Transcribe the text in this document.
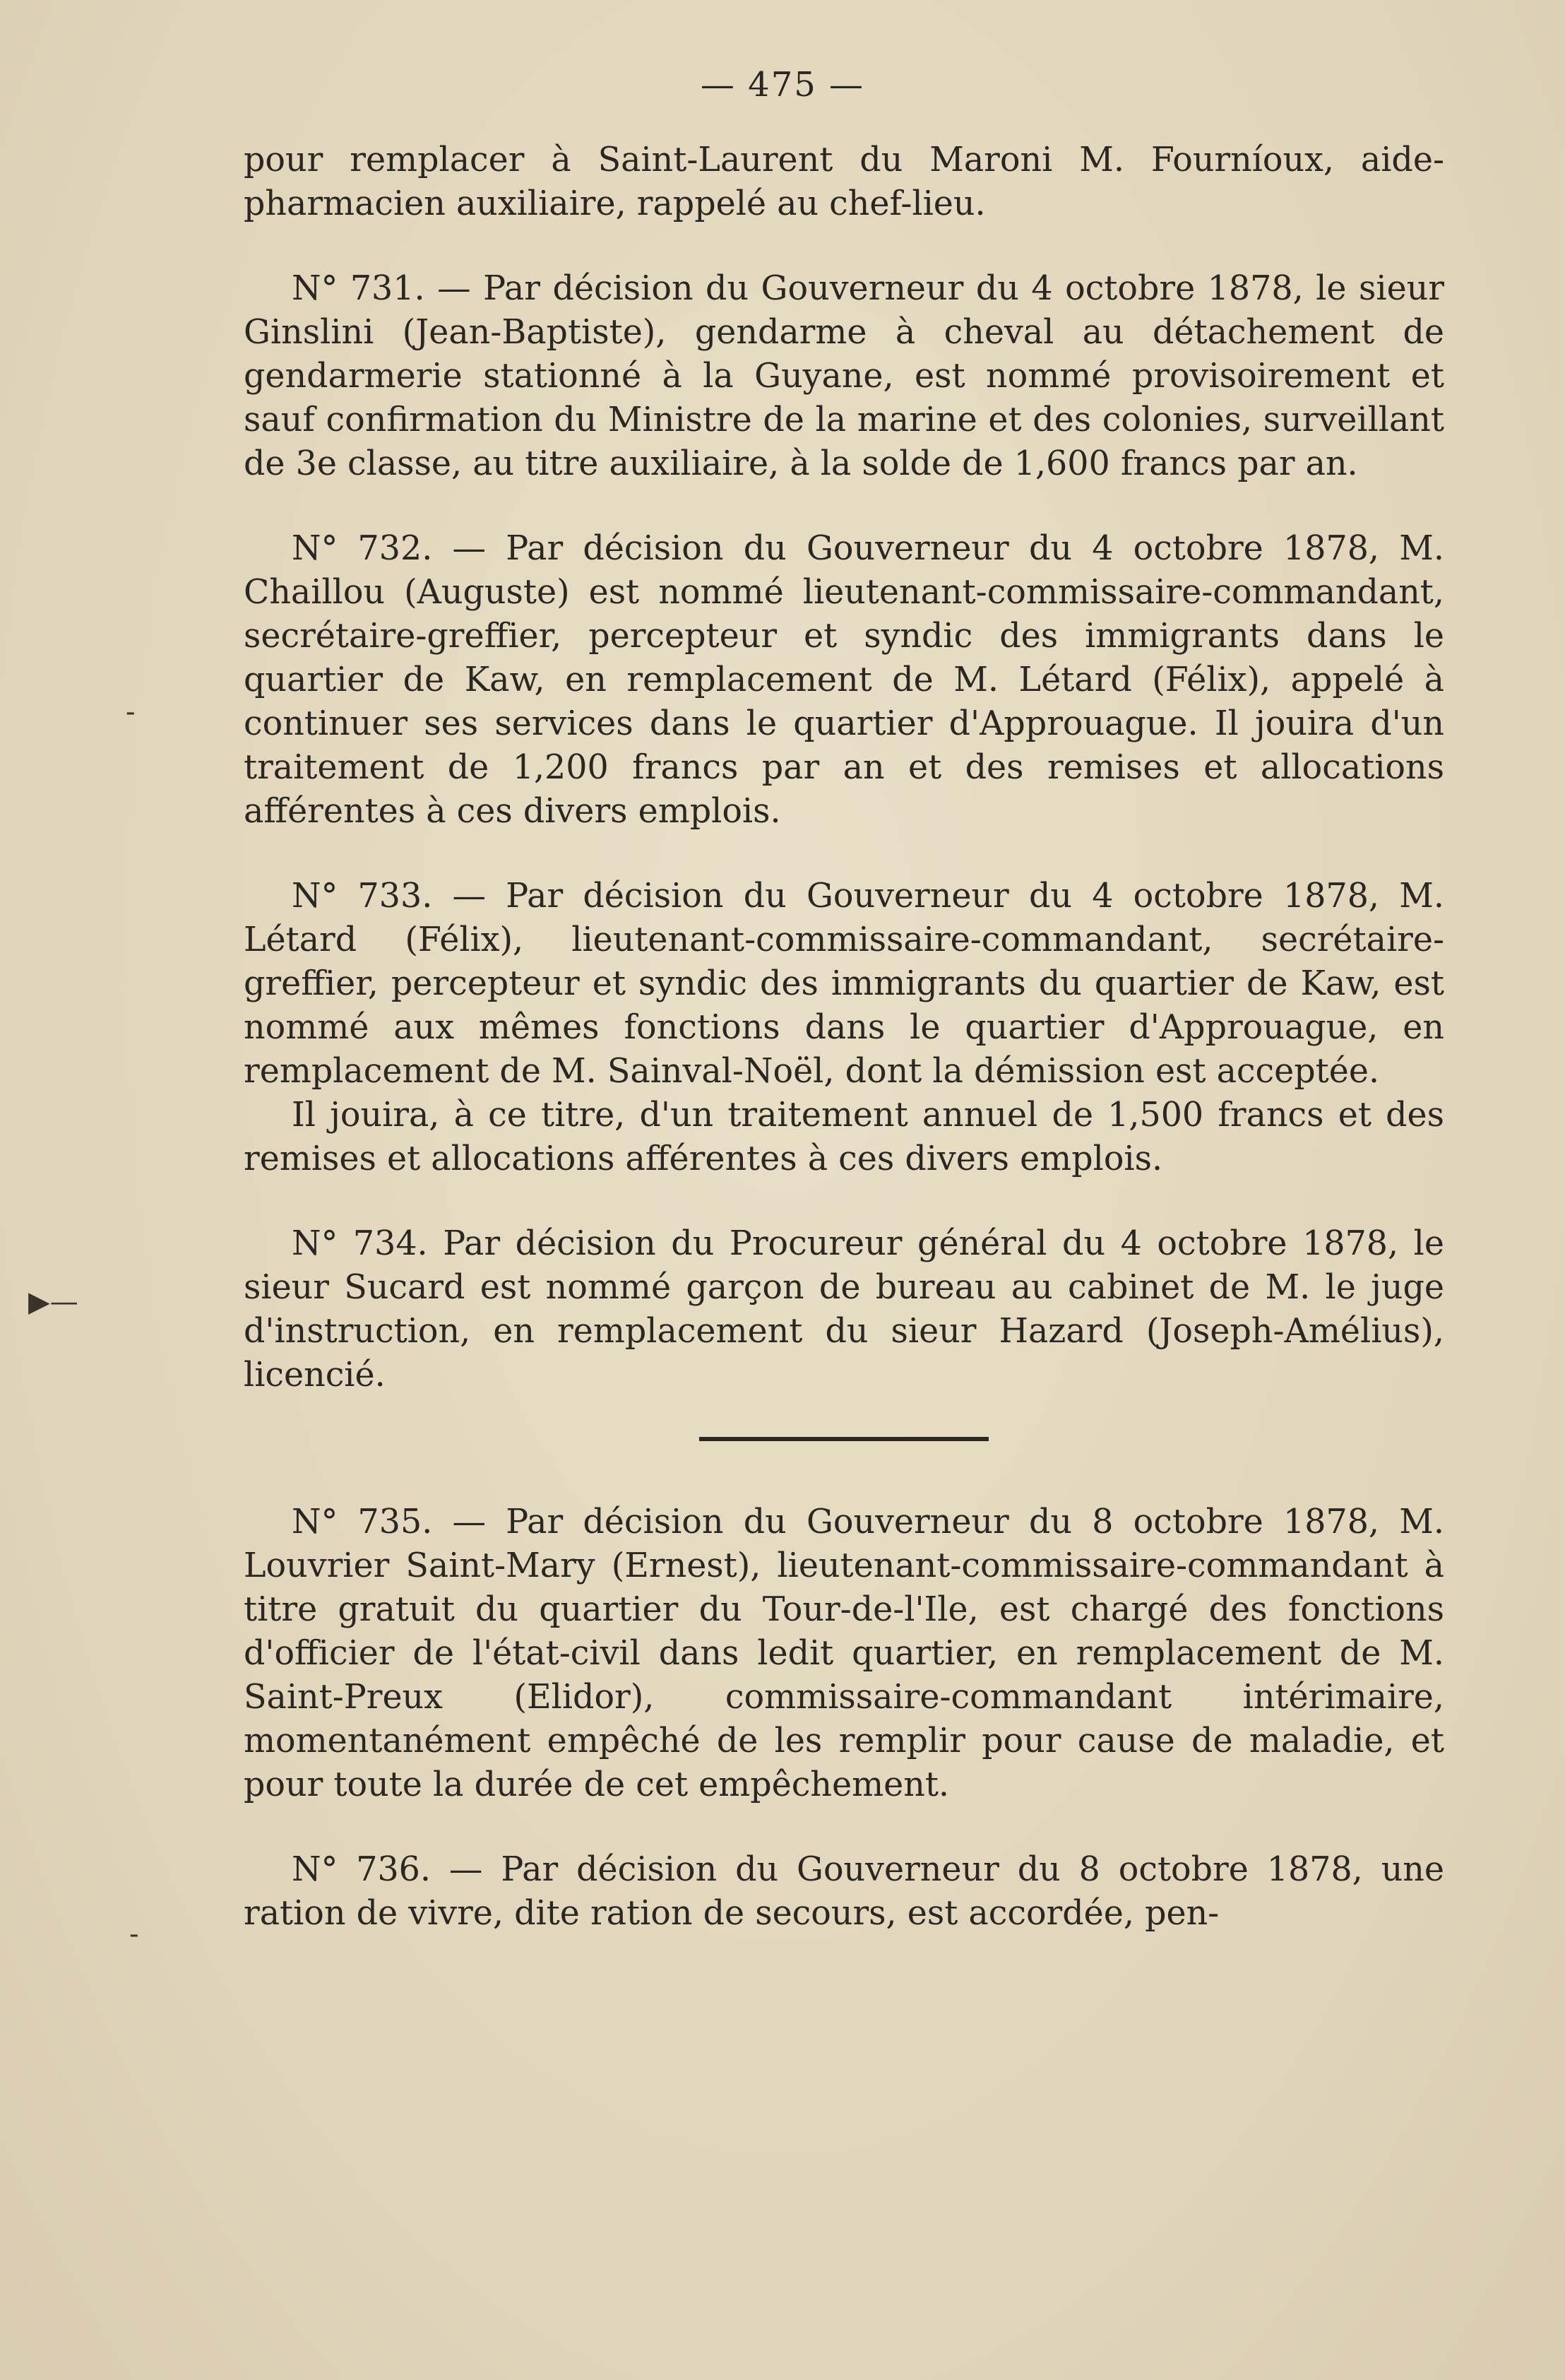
— 475 —
-
▶—
-

pour remplacer à Saint-Laurent du Maroni M. Fourníoux, aide-pharmacien auxiliaire, rappelé au chef-lieu.

N° 731. — Par décision du Gouverneur du 4 octobre 1878, le sieur Ginslini (Jean-Baptiste), gendarme à cheval au détachement de gendarmerie stationné à la Guyane, est nommé provisoirement et sauf confirmation du Ministre de la marine et des colonies, surveillant de 3e classe, au titre auxiliaire, à la solde de 1,600 francs par an.

N° 732. — Par décision du Gouverneur du 4 octobre 1878, M. Chaillou (Auguste) est nommé lieutenant-commissaire-commandant, secrétaire-greffier, percepteur et syndic des immigrants dans le quartier de Kaw, en remplacement de M. Létard (Félix), appelé à continuer ses services dans le quartier d'Approuague. Il jouira d'un traitement de 1,200 francs par an et des remises et allocations afférentes à ces divers emplois.

N° 733. — Par décision du Gouverneur du 4 octobre 1878, M. Létard (Félix), lieutenant-commissaire-commandant, secrétaire-greffier, percepteur et syndic des immigrants du quartier de Kaw, est nommé aux mêmes fonctions dans le quartier d'Approuague, en remplacement de M. Sainval-Noël, dont la démission est acceptée.

Il jouira, à ce titre, d'un traitement annuel de 1,500 francs et des remises et allocations afférentes à ces divers emplois.

N° 734. Par décision du Procureur général du 4 octobre 1878, le sieur Sucard est nommé garçon de bureau au cabinet de M. le juge d'instruction, en remplacement du sieur Hazard (Joseph-Amélius), licencié.

N° 735. — Par décision du Gouverneur du 8 octobre 1878, M. Louvrier Saint-Mary (Ernest), lieutenant-commissaire-commandant à titre gratuit du quartier du Tour-de-l'Ile, est chargé des fonctions d'officier de l'état-civil dans ledit quartier, en remplacement de M. Saint-Preux (Elidor), commissaire-commandant intérimaire, momentanément empêché de les remplir pour cause de maladie, et pour toute la durée de cet empêchement.

N° 736. — Par décision du Gouverneur du 8 octobre 1878, une ration de vivre, dite ration de secours, est accordée, pen-
